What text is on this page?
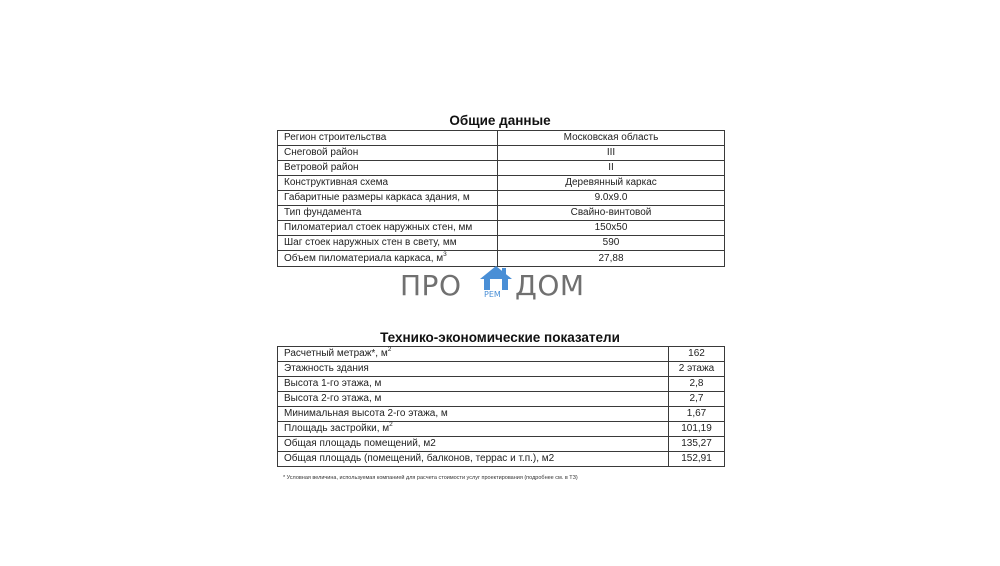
Общие данные
Регион строительства	Московская область
Снеговой район	III
Ветровой район	II
Конструктивная схема	Деревянный каркас
Габаритные размеры каркаса здания, м	9.0x9.0
Тип фундамента	Свайно-винтовой
Пиломатериал стоек наружных стен, мм	150x50
Шаг стоек наружных стен в свету, мм	590
Объем пиломатериала каркаса, $м^3$	27,88
ПРО	РЕМ ДОМ
Технико-экономические показатели
Расчетный метраж*, $м^2$	162
Этажность здания	2 этажа
Высота 1-го этажа, м	2,8
Высота 2-го этажа, м	2,7
Минимальная высота 2-го этажа, м	1,67
Площадь застройки, $м^2$	101,19
Общая площадь помещений, м2	135,27
Общая площадь (помещений, балконов, террас и т.п.), м2	152,91
* Условная величина, используемая компанией для расчета стоимости услуг проектирования (подробнее см. в ТЗ)
